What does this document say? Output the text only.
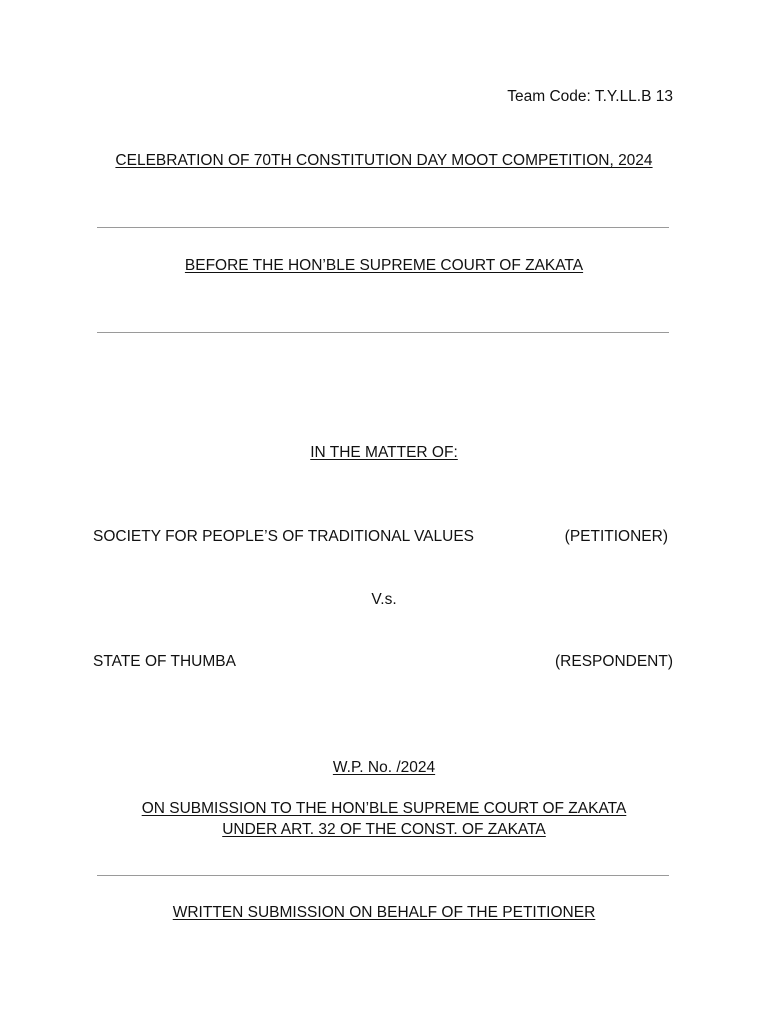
Team Code: T.Y.LL.B 13
CELEBRATION OF 70TH CONSTITUTION DAY MOOT COMPETITION, 2024
BEFORE THE HON’BLE SUPREME COURT OF ZAKATA
IN THE MATTER OF:
SOCIETY FOR PEOPLE’S OF TRADITIONAL VALUES	(PETITIONER)
V.s.
STATE OF THUMBA	(RESPONDENT)
W.P. No. /2024
ON SUBMISSION TO THE HON’BLE SUPREME COURT OF ZAKATA
UNDER ART. 32 OF THE CONST. OF ZAKATA
WRITTEN SUBMISSION ON BEHALF OF THE PETITIONER
